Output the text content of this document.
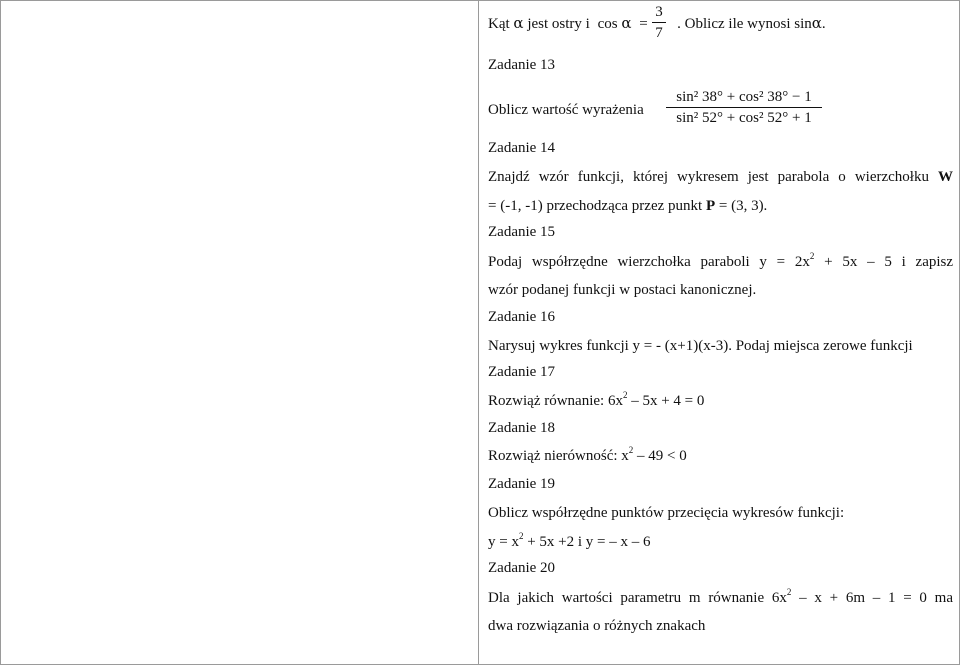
Kąt α jest ostry i cos α = . Oblicz ile wynosi sinα.
3
7
Zadanie 13
Oblicz wartość wyrażenia
sin² 38° + cos² 38° − 1
sin² 52° + cos² 52° + 1
Zadanie 14
Znajdź wzór funkcji, której wykresem jest parabola o wierzchołku W
= (-1, -1) przechodząca przez punkt P = (3, 3).
Zadanie 15
Podaj współrzędne wierzchołka paraboli $y = 2x^2 + 5x - 5$ i zapisz
wzór podanej funkcji w postaci kanonicznej.
Zadanie 16
Narysuj wykres funkcji y = - (x+1)(x-3). Podaj miejsca zerowe funkcji
Zadanie 17
Rozwiąż równanie: $6x^2 - 5x + 4 = 0$
Zadanie 18
Rozwiąż nierówność: $x^2 - 49 < 0$
Zadanie 19
Oblicz współrzędne punktów przecięcia wykresów funkcji:
$y = x^2 + 5x +2$ i y = – x – 6
Zadanie 20
Dla jakich wartości parametru m równanie $6x^2 - x + 6m - 1 = 0$ ma
dwa rozwiązania o różnych znakach
